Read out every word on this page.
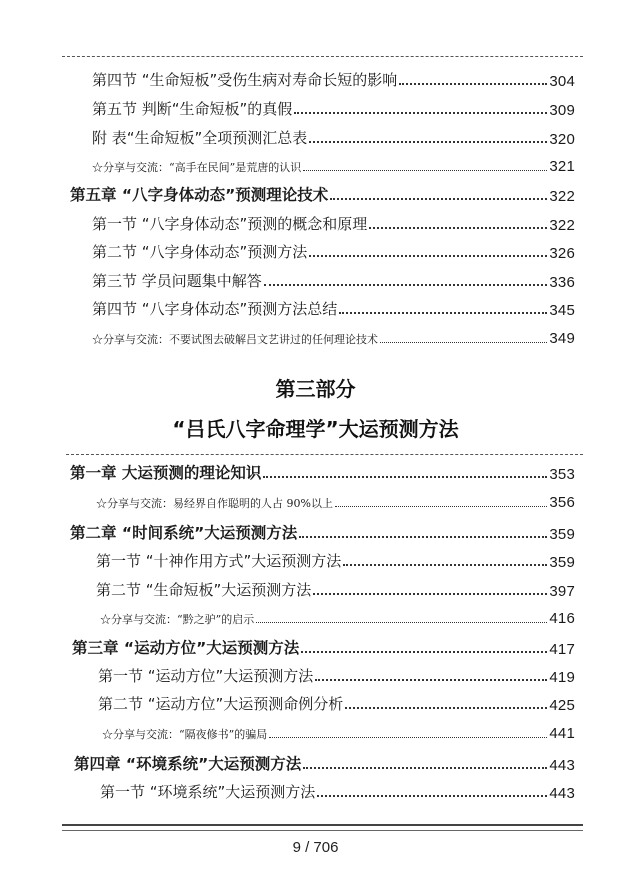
第四节 “生命短板”受伤生病对寿命长短的影响	304
第五节 判断“生命短板”的真假	309
附 表“生命短板”全项预测汇总表	320
☆分享与交流：“高手在民间”是荒唐的认识	321
第五章 “八字身体动态”预测理论技术	322
第一节 “八字身体动态”预测的概念和原理	322
第二节 “八字身体动态”预测方法	326
第三节 学员问题集中解答	336
第四节 “八字身体动态”预测方法总结	345
☆分享与交流：不要试图去破解吕文艺讲过的任何理论技术	349
第三部分
“吕氏八字命理学”大运预测方法
第一章 大运预测的理论知识	353
☆分享与交流：易经界自作聪明的人占 90%以上	356
第二章 “时间系统”大运预测方法	359
第一节 “十神作用方式”大运预测方法	359
第二节 “生命短板”大运预测方法	397
☆分享与交流：“黔之驴”的启示	416
第三章 “运动方位”大运预测方法	417
第一节 “运动方位”大运预测方法	419
第二节 “运动方位”大运预测命例分析	425
☆分享与交流：“隔夜修书”的骗局	441
第四章 “环境系统”大运预测方法	443
第一节 “环境系统”大运预测方法	443
9 / 706
